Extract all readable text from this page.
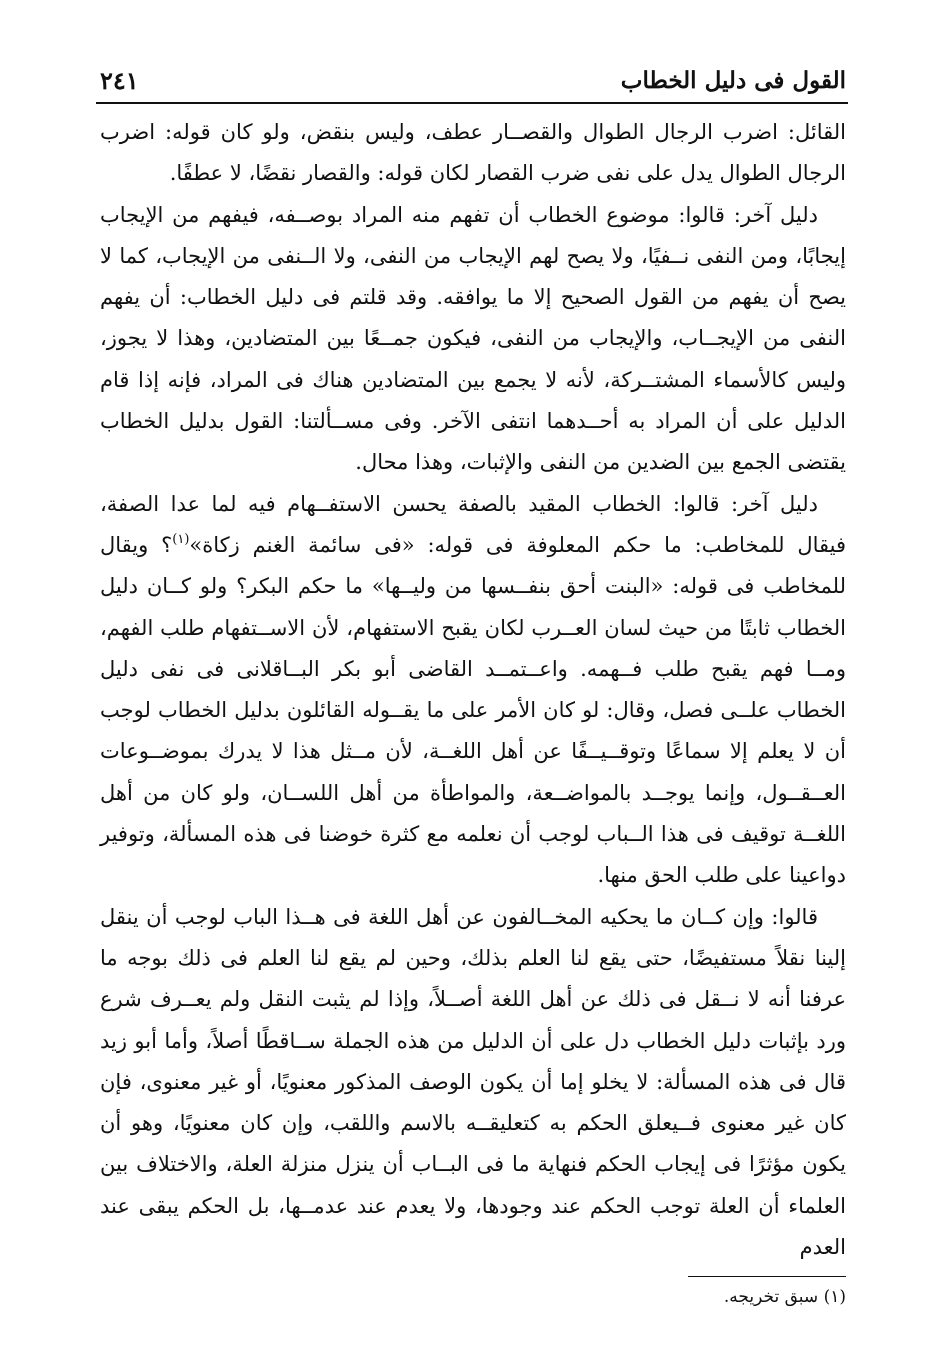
القول فى دليل الخطاب
٢٤١

القائل: اضرب الرجال الطوال والقصــار عطف، وليس بنقض، ولو كان قوله: اضرب الرجال الطوال يدل على نفى ضرب القصار لكان قوله: والقصار نقضًا، لا عطفًا.

دليل آخر: قالوا: موضوع الخطاب أن تفهم منه المراد بوصــفه، فيفهم من الإيجاب إيجابًا، ومن النفى نــفيًا، ولا يصح لهم الإيجاب من النفى، ولا الــنفى من الإيجاب، كما لا يصح أن يفهم من القول الصحيح إلا ما يوافقه. وقد قلتم فى دليل الخطاب: أن يفهم النفى من الإيجــاب، والإيجاب من النفى، فيكون جمــعًا بين المتضادين، وهذا لا يجوز، وليس كالأسماء المشتــركة، لأنه لا يجمع بين المتضادين هناك فى المراد، فإنه إذا قام الدليل على أن المراد به أحــدهما انتفى الآخر. وفى مســألتنا: القول بدليل الخطاب يقتضى الجمع بين الضدين من النفى والإثبات، وهذا محال.

دليل آخر: قالوا: الخطاب المقيد بالصفة يحسن الاستفــهام فيه لما عدا الصفة، فيقال للمخاطب: ما حكم المعلوفة فى قوله: «فى سائمة الغنم زكاة»$^{(١)}$؟ ويقال للمخاطب فى قوله: «البنت أحق بنفــسها من وليــها» ما حكم البكر؟ ولو كــان دليل الخطاب ثابتًا من حيث لسان العــرب لكان يقبح الاستفهام، لأن الاســتفهام طلب الفهم، ومــا فهم يقبح طلب فــهمه. واعــتمــد القاضى أبو بكر البــاقلانى فى نفى دليل الخطاب علــى فصل، وقال: لو كان الأمر على ما يقــوله القائلون بدليل الخطاب لوجب أن لا يعلم إلا سماعًا وتوقــيــفًا عن أهل اللغــة، لأن مــثل هذا لا يدرك بموضــوعات العــقــول، وإنما يوجــد بالمواضــعة، والمواطأة من أهل اللســان، ولو كان من أهل اللغــة توقيف فى هذا الــباب لوجب أن نعلمه مع كثرة خوضنا فى هذه المسألة، وتوفير دواعينا على طلب الحق منها.

قالوا: وإن كــان ما يحكيه المخــالفون عن أهل اللغة فى هــذا الباب لوجب أن ينقل إلينا نقلاً مستفيضًا، حتى يقع لنا العلم بذلك، وحين لم يقع لنا العلم فى ذلك بوجه ما عرفنا أنه لا نــقل فى ذلك عن أهل اللغة أصــلاً، وإذا لم يثبت النقل ولم يعــرف شرع ورد بإثبات دليل الخطاب دل على أن الدليل من هذه الجملة ســاقطًا أصلاً، وأما أبو زيد قال فى هذه المسألة: لا يخلو إما أن يكون الوصف المذكور معنويًا، أو غير معنوى، فإن كان غير معنوى فــيعلق الحكم به كتعليقــه بالاسم واللقب، وإن كان معنويًا، وهو أن يكون مؤثرًا فى إيجاب الحكم فنهاية ما فى البــاب أن ينزل منزلة العلة، والاختلاف بين العلماء أن العلة توجب الحكم عند وجودها، ولا يعدم عند عدمــها، بل الحكم يبقى عند العدم

(١) سبق تخريجه.
